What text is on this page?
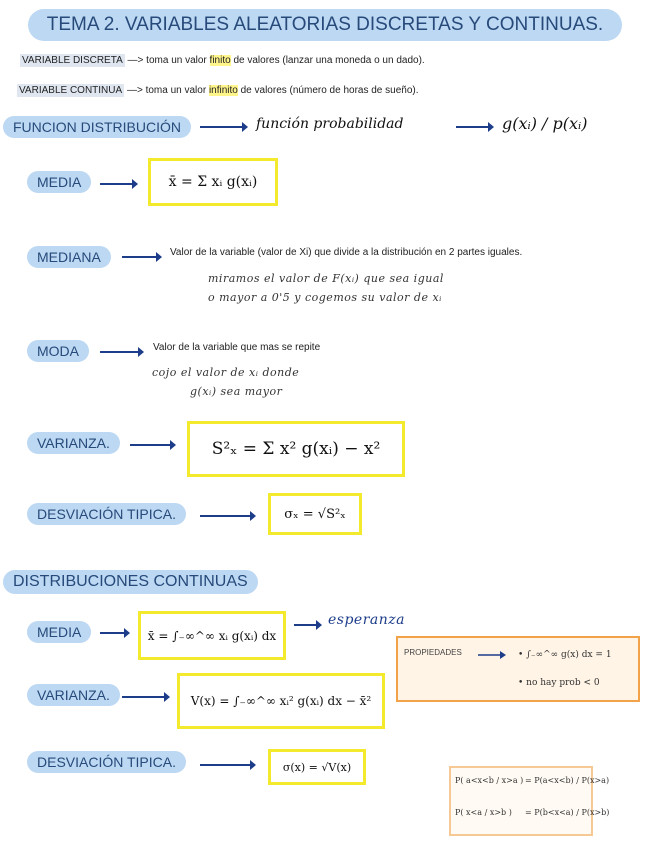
TEMA 2. VARIABLES ALEATORIAS DISCRETAS Y CONTINUAS.
VARIABLE DISCRETA —> toma un valor finito de valores (lanzar una moneda o un dado).
VARIABLE CONTINUA —> toma un valor infinito de valores (número de horas de sueño).
FUNCION DISTRIBUCIÓN	función probabilidad	g(xᵢ) / p(xᵢ)
MEDIA	x̄ = Σ xᵢ g(xᵢ)
MEDIANA	Valor de la variable (valor de Xi) que divide a la distribución en 2 partes iguales.
miramos el valor de F(xᵢ) que sea igual
o mayor a 0'5 y cogemos su valor de xᵢ
MODA	Valor de la variable que mas se repite
cojo el valor de xᵢ donde
g(xᵢ) sea mayor
VARIANZA.	S²ₓ = Σ x² g(xᵢ) − x²
DESVIACIÓN TIPICA.	σₓ = √S²ₓ
DISTRIBUCIONES CONTINUAS
MEDIA	x̄ = ∫₋∞^∞ xᵢ g(xᵢ) dx
esperanza
PROPIEDADES	• ∫₋∞^∞ g(x) dx = 1
• no hay prob < 0
VARIANZA.	V(x) = ∫₋∞^∞ xᵢ² g(xᵢ) dx − x̄²
DESVIACIÓN TIPICA.	σ(x) = √V(x)
P( a<x<b / x>a ) = P(a<x<b) / P(x>a)
P( x<a / x>b ) = P(b<x<a) / P(x>b)
